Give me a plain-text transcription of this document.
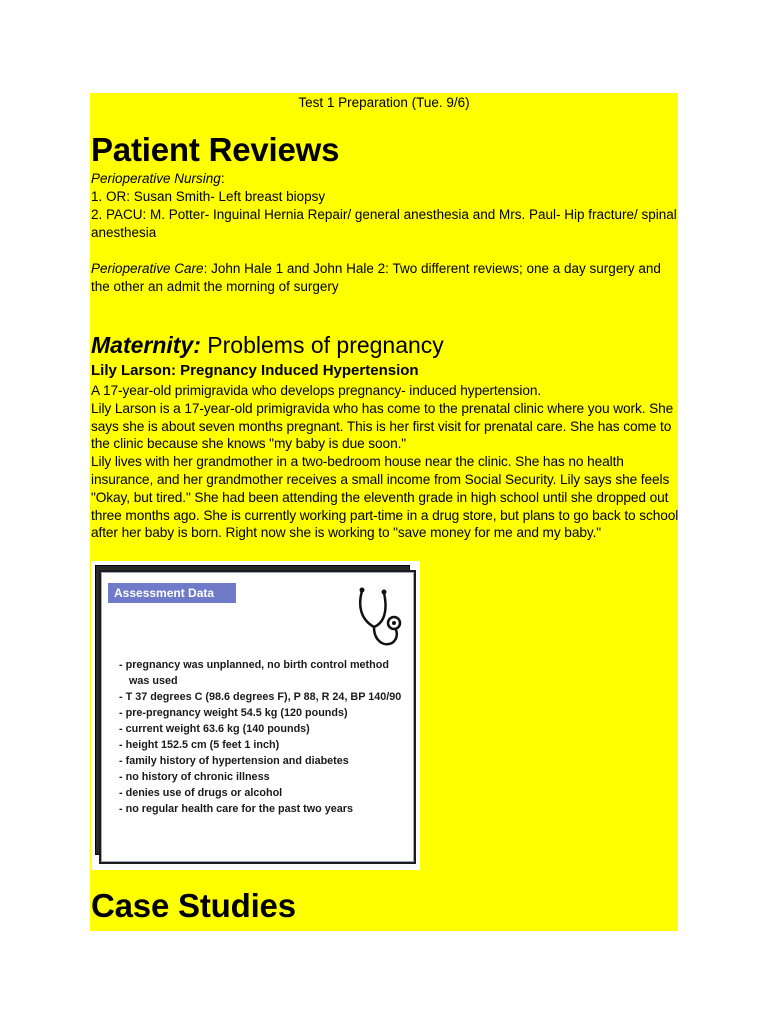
Test 1 Preparation (Tue. 9/6)
Patient Reviews

Perioperative Nursing:

1. OR: Susan Smith- Left breast biopsy

2. PACU: M. Potter- Inguinal Hernia Repair/ general anesthesia and Mrs. Paul- Hip fracture/ spinal anesthesia

Perioperative Care: John Hale 1 and John Hale 2: Two different reviews; one a day surgery and the other an admit the morning of surgery

Maternity: Problems of pregnancy
Lily Larson: Pregnancy Induced Hypertension

A 17-year-old primigravida who develops pregnancy- induced hypertension.

Lily Larson is a 17-year-old primigravida who has come to the prenatal clinic where you work. She says she is about seven months pregnant. This is her first visit for prenatal care. She has come to the clinic because she knows "my baby is due soon."

Lily lives with her grandmother in a two-bedroom house near the clinic. She has no health insurance, and her grandmother receives a small income from Social Security. Lily says she feels "Okay, but tired." She had been attending the eleventh grade in high school until she dropped out three months ago. She is currently working part-time in a drug store, but plans to go back to school after her baby is born. Right now she is working to "save money for me and my baby."

Assessment Data
- pregnancy was unplanned, no birth control method was used
- T 37 degrees C (98.6 degrees F), P 88, R 24, BP 140/90
- pre-pregnancy weight 54.5 kg (120 pounds)
- current weight 63.6 kg (140 pounds)
- height 152.5 cm (5 feet 1 inch)
- family history of hypertension and diabetes
- no history of chronic illness
- denies use of drugs or alcohol
- no regular health care for the past two years
Case Studies
